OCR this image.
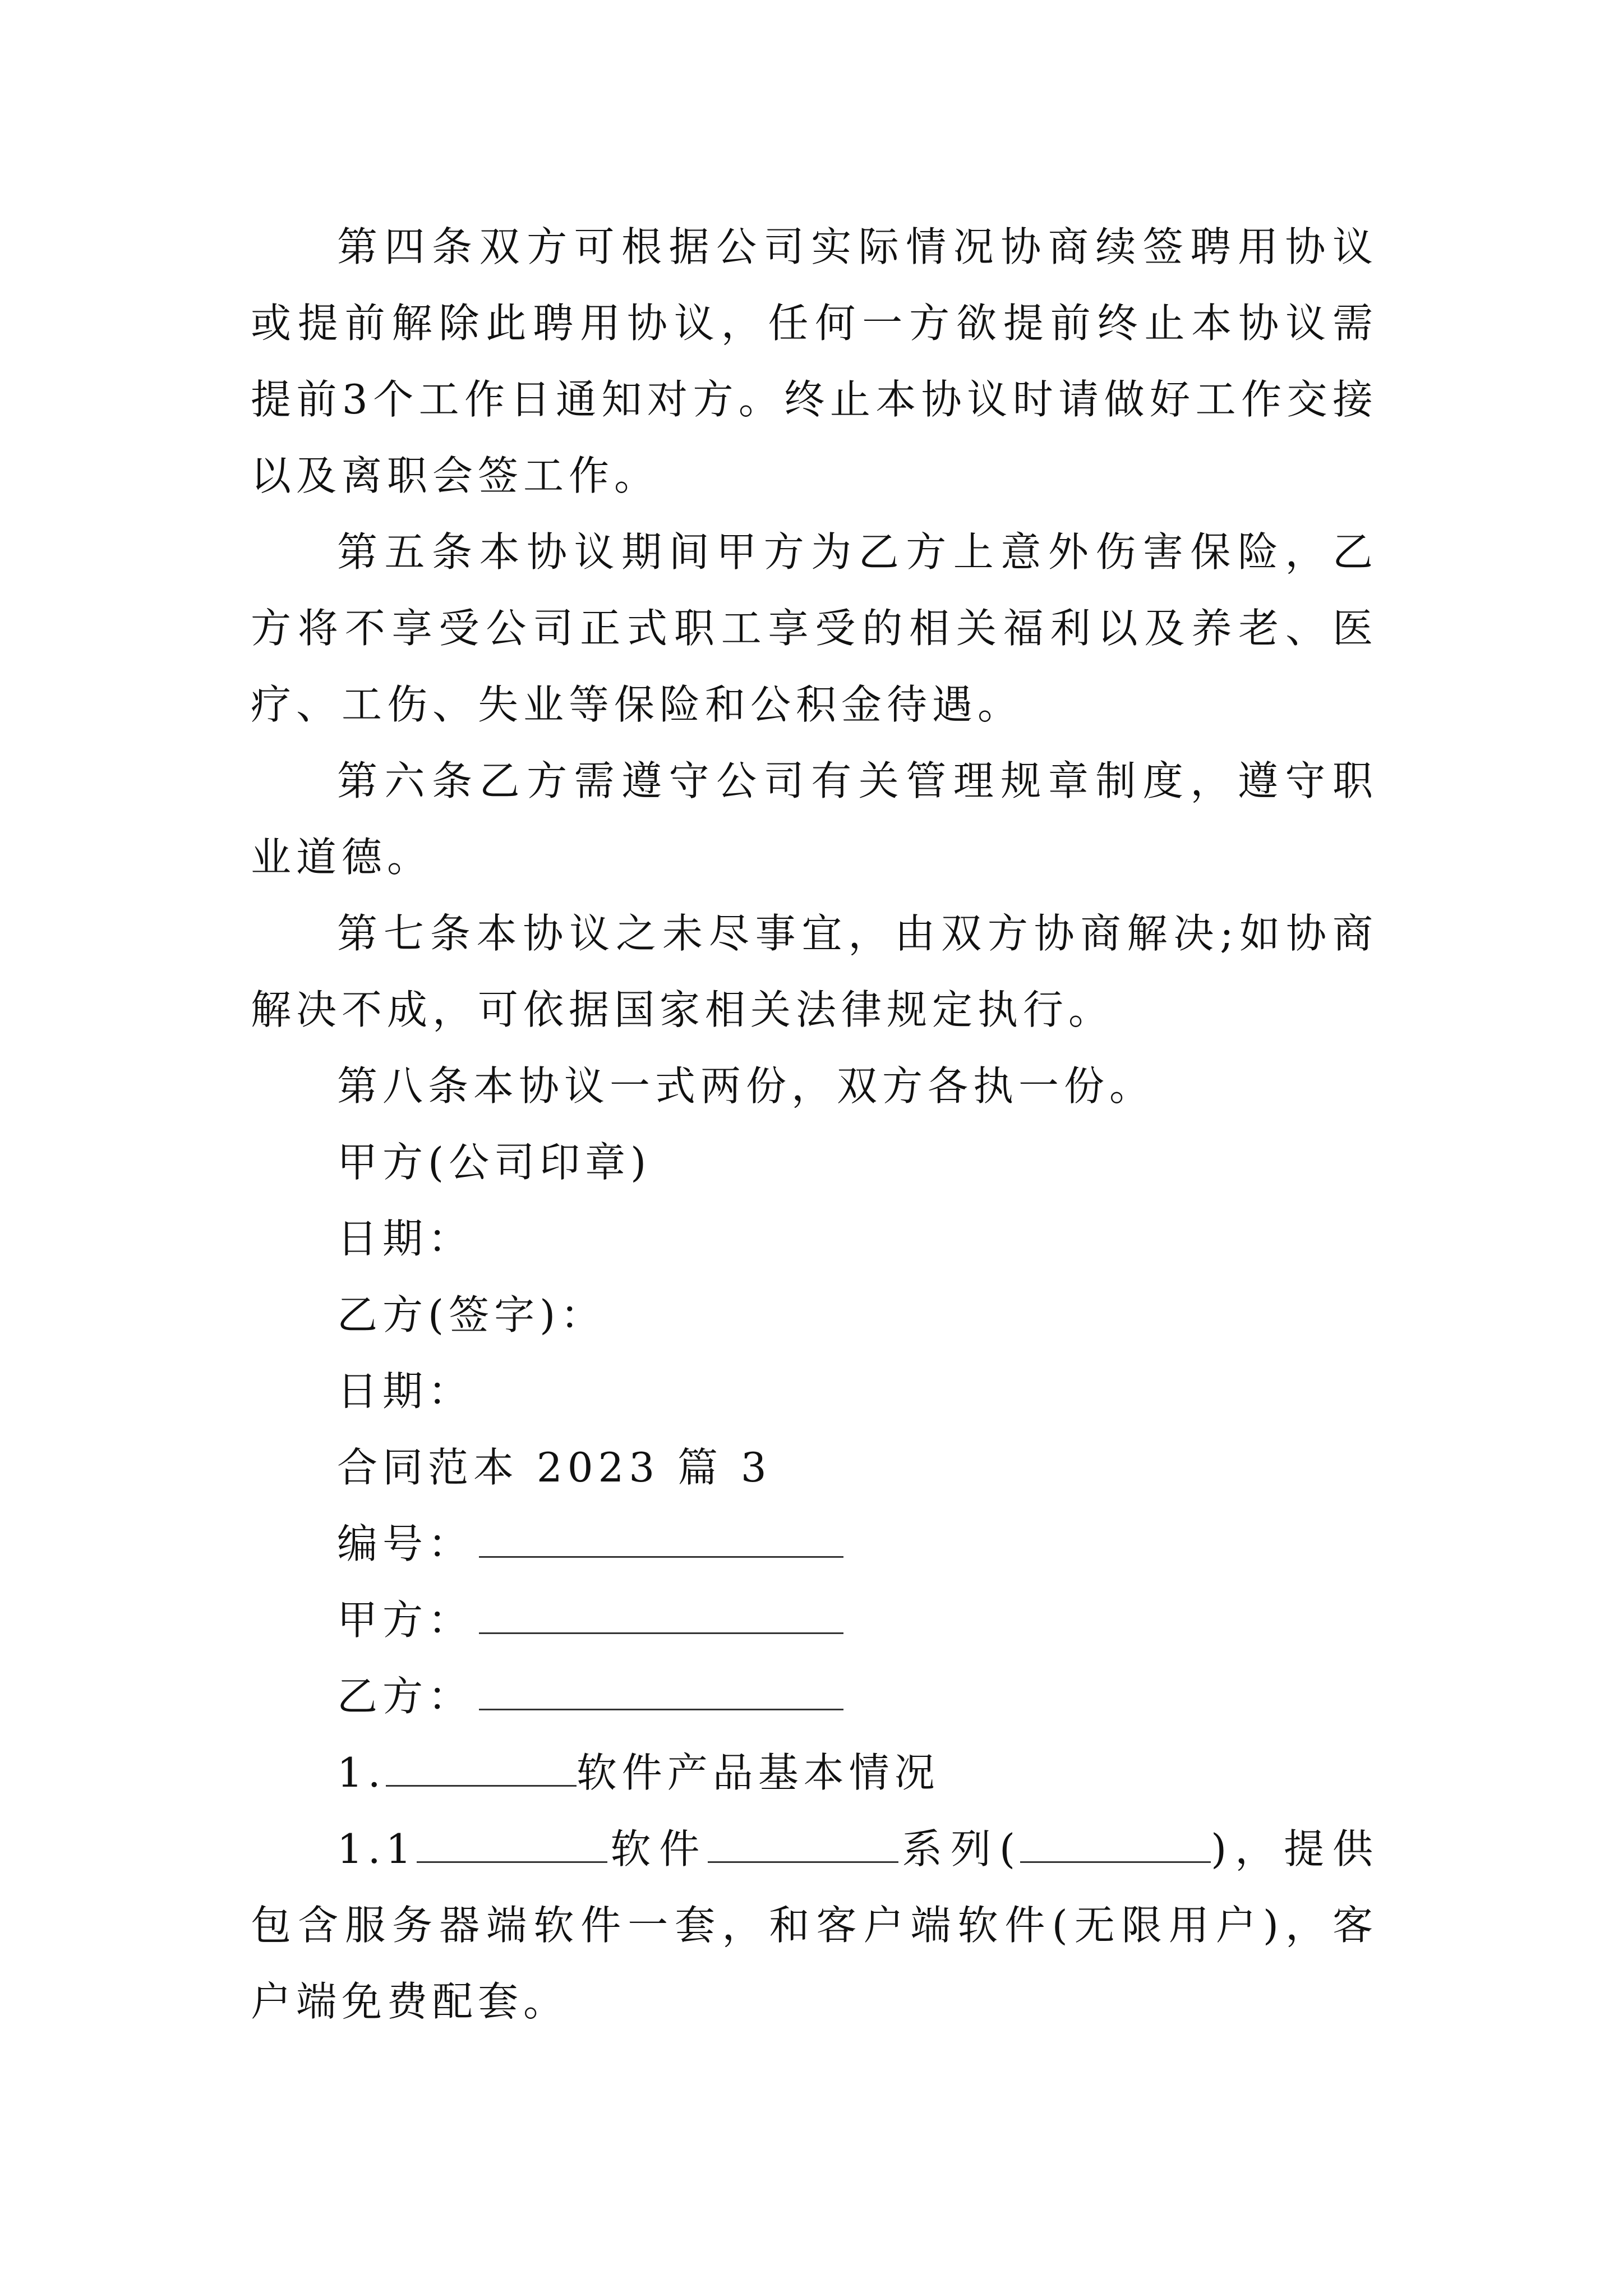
第四条双方可根据公司实际情况协商续签聘用协议或提前解除此聘用协议，任何一方欲提前终止本协议需提前3个工作日通知对方。终止本协议时请做好工作交接以及离职会签工作。

第五条本协议期间甲方为乙方上意外伤害保险，乙方将不享受公司正式职工享受的相关福利以及养老、医疗、工伤、失业等保险和公积金待遇。

第六条乙方需遵守公司有关管理规章制度，遵守职业道德。

第七条本协议之未尽事宜，由双方协商解决;如协商解决不成，可依据国家相关法律规定执行。

第八条本协议一式两份，双方各执一份。

甲方(公司印章)

日期：

乙方(签字)：

日期：

合同范本 2023 篇 3

编号：

甲方：

乙方：

1.	软件产品基本情况

1.1	软件	系列(	)，提供包含服务器端软件一套，和客户端软件(无限用户)，客户端免费配套。
